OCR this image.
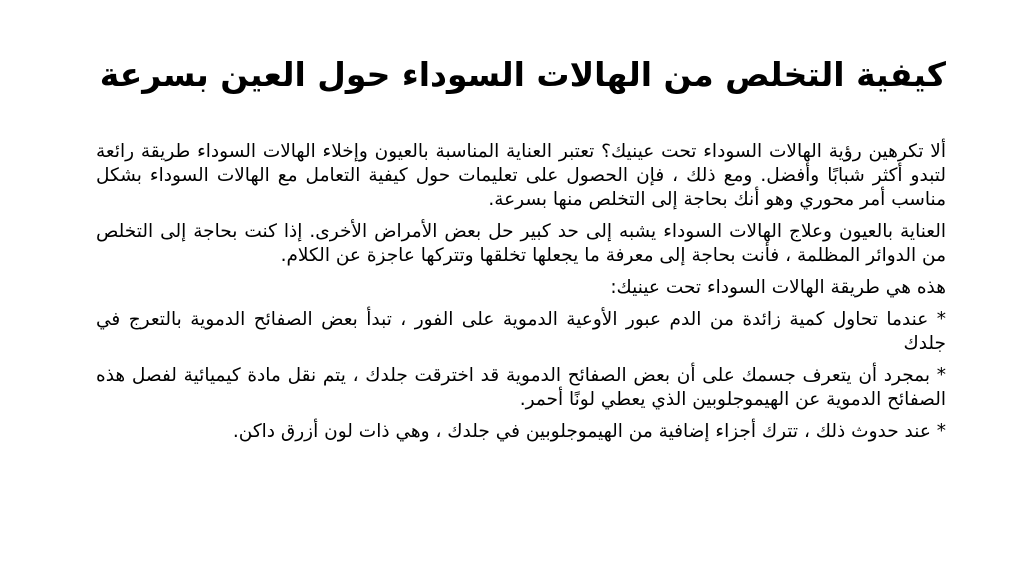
كيفية التخلص من الهالات السوداء حول العين بسرعة

ألا تكرهين رؤية الهالات السوداء تحت عينيك؟ تعتبر العناية المناسبة بالعيون وإخلاء الهالات السوداء طريقة رائعة لتبدو أكثر شبابًا وأفضل. ومع ذلك ، فإن الحصول على تعليمات حول كيفية التعامل مع الهالات السوداء بشكل مناسب أمر محوري وهو أنك بحاجة إلى التخلص منها بسرعة.

العناية بالعيون وعلاج الهالات السوداء يشبه إلى حد كبير حل بعض الأمراض الأخرى. إذا كنت بحاجة إلى التخلص من الدوائر المظلمة ، فأنت بحاجة إلى معرفة ما يجعلها تخلقها وتتركها عاجزة عن الكلام.

هذه هي طريقة الهالات السوداء تحت عينيك:

* عندما تحاول كمية زائدة من الدم عبور الأوعية الدموية على الفور ، تبدأ بعض الصفائح الدموية بالتعرج في جلدك

* بمجرد أن يتعرف جسمك على أن بعض الصفائح الدموية قد اخترقت جلدك ، يتم نقل مادة كيميائية لفصل هذه الصفائح الدموية عن الهيموجلوبين الذي يعطي لونًا أحمر.

* عند حدوث ذلك ، تترك أجزاء إضافية من الهيموجلوبين في جلدك ، وهي ذات لون أزرق داكن.
